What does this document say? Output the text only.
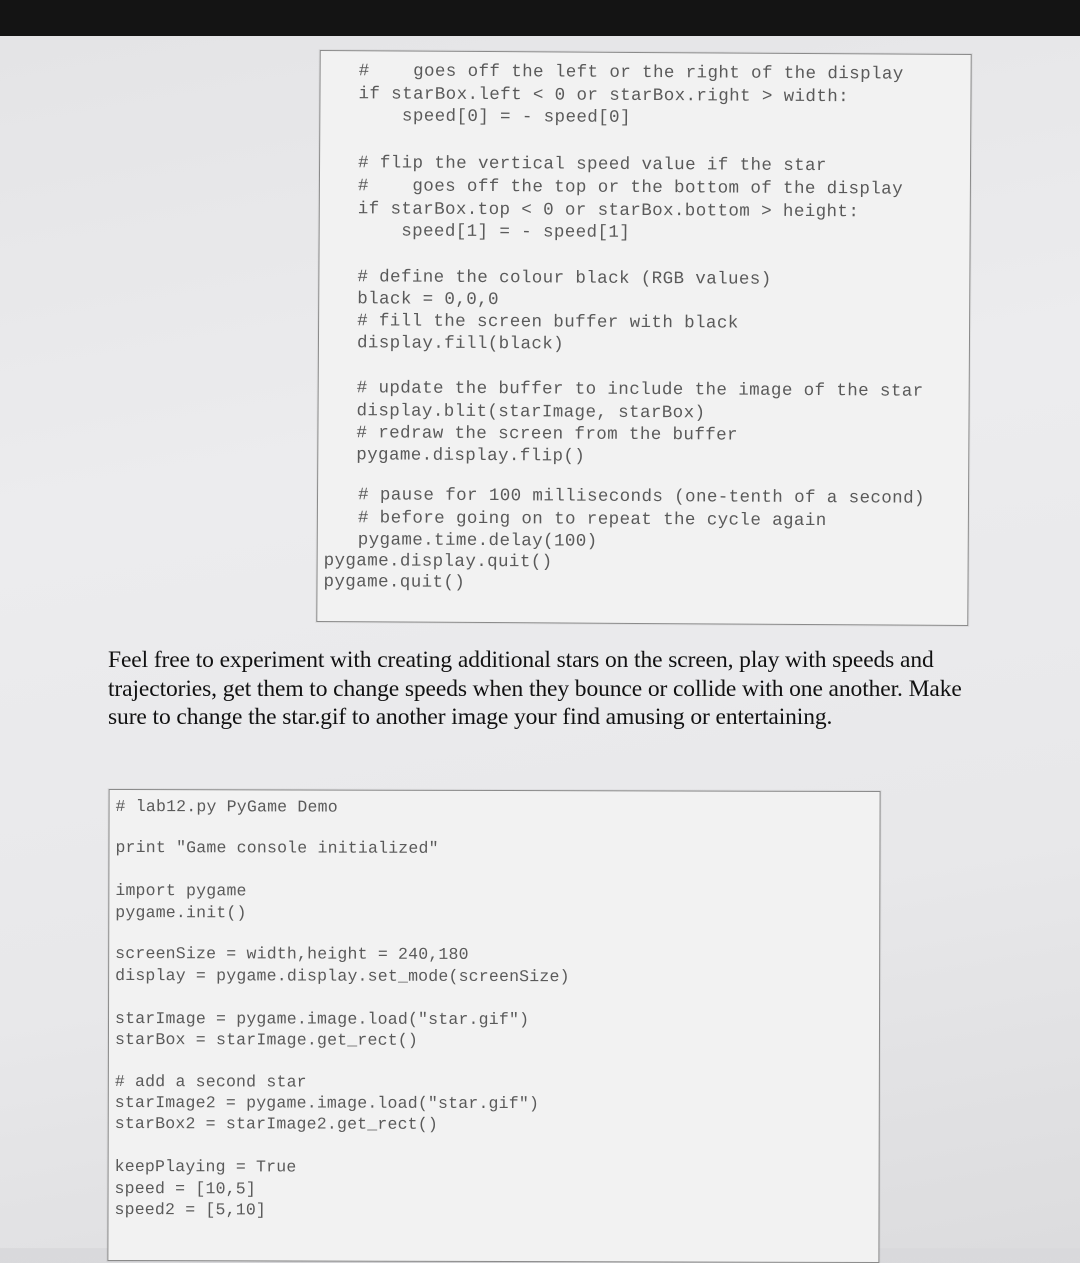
#    goes off the left or the right of the display
if starBox.left < 0 or starBox.right > width:
speed[0] = - speed[0]
# flip the vertical speed value if the star
#    goes off the top or the bottom of the display
if starBox.top < 0 or starBox.bottom > height:
speed[1] = - speed[1]
# define the colour black (RGB values)
black = 0,0,0
# fill the screen buffer with black
display.fill(black)
# update the buffer to include the image of the star
display.blit(starImage, starBox)
# redraw the screen from the buffer
pygame.display.flip()
# pause for 100 milliseconds (one-tenth of a second)
# before going on to repeat the cycle again
pygame.time.delay(100)
pygame.display.quit()
pygame.quit()
Feel free to experiment with creating additional stars on the screen, play with speeds and trajectories, get them to change speeds when they bounce or collide with one another. Make sure to change the star.gif to another image your find amusing or entertaining.
# lab12.py PyGame Demo
print "Game console initialized"
import pygame
pygame.init()
screenSize = width,height = 240,180
display = pygame.display.set_mode(screenSize)
starImage = pygame.image.load("star.gif")
starBox = starImage.get_rect()
# add a second star
starImage2 = pygame.image.load("star.gif")
starBox2 = starImage2.get_rect()
keepPlaying = True
speed = [10,5]
speed2 = [5,10]
